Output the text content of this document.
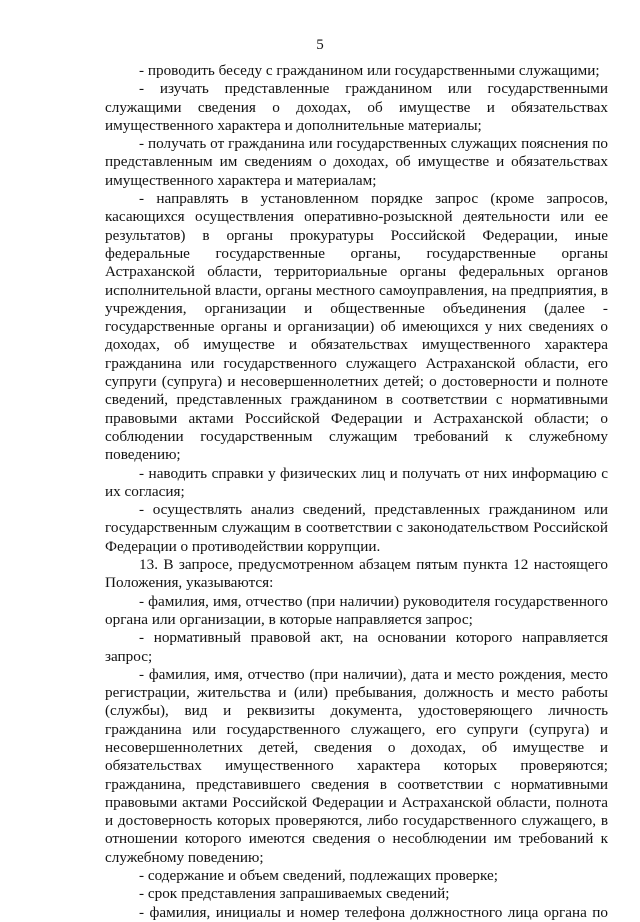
5

- проводить беседу с гражданином или государственными служащими;

- изучать представленные гражданином или государственными служащими сведения о доходах, об имуществе и обязательствах имущественного характера и дополнительные материалы;

- получать от гражданина или государственных служащих пояснения по представленным им сведениям о доходах, об имуществе и обязательствах имущественного характера и материалам;

- направлять в установленном порядке запрос (кроме запросов, касающихся осуществления оперативно-розыскной деятельности или ее результатов) в органы прокуратуры Российской Федерации, иные федеральные государственные органы, государственные органы Астраханской области, территориальные органы федеральных органов исполнительной власти, органы местного самоуправления, на предприятия, в учреждения, организации и общественные объединения (далее - государственные органы и организации) об имеющихся у них сведениях о доходах, об имуществе и обязательствах имущественного характера гражданина или государственного служащего Астраханской области, его супруги (супруга) и несовершеннолетних детей; о достоверности и полноте сведений, представленных гражданином в соответствии с нормативными правовыми актами Российской Федерации и Астраханской области; о соблюдении государственным служащим требований к служебному поведению;

- наводить справки у физических лиц и получать от них информацию с их согласия;

- осуществлять анализ сведений, представленных гражданином или государственным служащим в соответствии с законодательством Российской Федерации о противодействии коррупции.

13. В запросе, предусмотренном абзацем пятым пункта 12 настоящего Положения, указываются:

- фамилия, имя, отчество (при наличии) руководителя государственного органа или организации, в которые направляется запрос;

- нормативный правовой акт, на основании которого направляется запрос;

- фамилия, имя, отчество (при наличии), дата и место рождения, место регистрации, жительства и (или) пребывания, должность и место работы (службы), вид и реквизиты документа, удостоверяющего личность гражданина или государственного служащего, его супруги (супруга) и несовершеннолетних детей, сведения о доходах, об имуществе и обязательствах имущественного характера которых проверяются; гражданина, представившего сведения в соответствии с нормативными правовыми актами Российской Федерации и Астраханской области, полнота и достоверность которых проверяются, либо государственного служащего, в отношении которого имеются сведения о несоблюдении им требований к служебному поведению;

- содержание и объем сведений, подлежащих проверке;

- срок представления запрашиваемых сведений;

- фамилия, инициалы и номер телефона должностного лица органа по
